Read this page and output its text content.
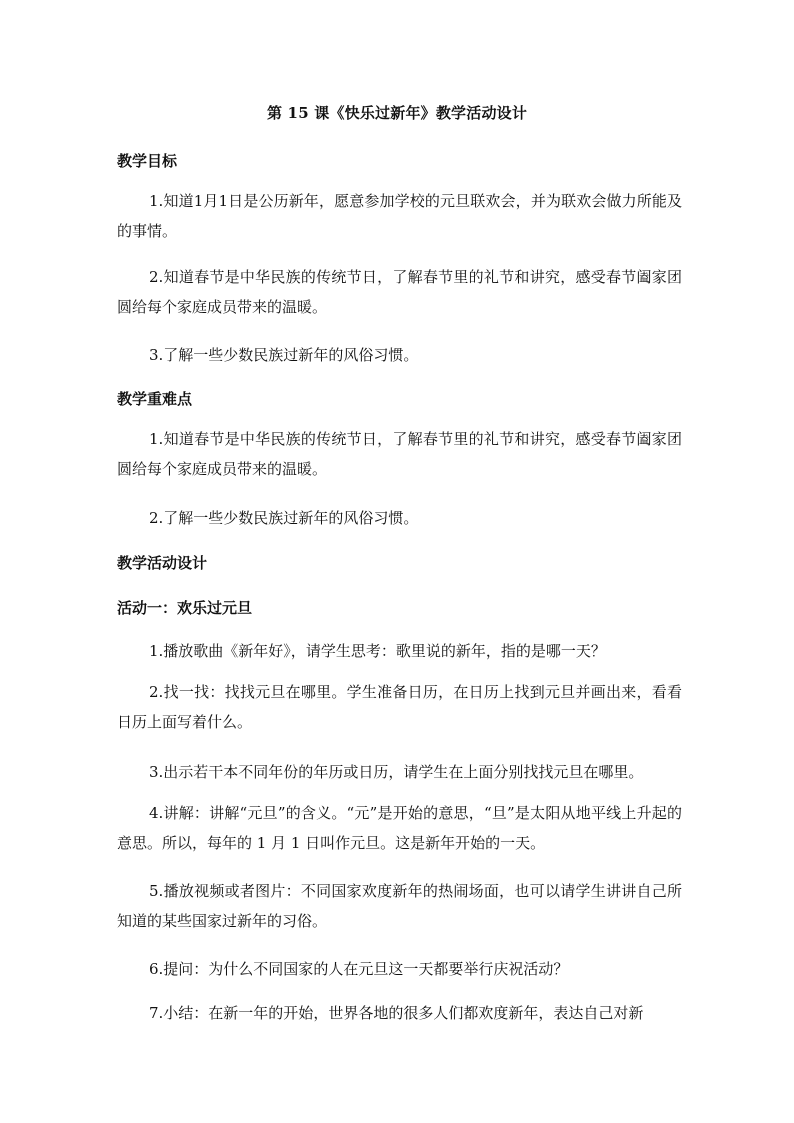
第 15 课《快乐过新年》教学活动设计
教学目标
1.知道1月1日是公历新年，愿意参加学校的元旦联欢会，并为联欢会做力所能及的事情。
2.知道春节是中华民族的传统节日，了解春节里的礼节和讲究，感受春节阖家团圆给每个家庭成员带来的温暖。
3.了解一些少数民族过新年的风俗习惯。
教学重难点
1.知道春节是中华民族的传统节日，了解春节里的礼节和讲究，感受春节阖家团圆给每个家庭成员带来的温暖。
2.了解一些少数民族过新年的风俗习惯。
教学活动设计
活动一：欢乐过元旦
1.播放歌曲《新年好》，请学生思考：歌里说的新年，指的是哪一天？
2.找一找：找找元旦在哪里。学生准备日历，在日历上找到元旦并画出来，看看日历上面写着什么。
3.出示若干本不同年份的年历或日历，请学生在上面分别找找元旦在哪里。
4.讲解：讲解“元旦”的含义。“元”是开始的意思，“旦”是太阳从地平线上升起的意思。所以，每年的 1 月 1 日叫作元旦。这是新年开始的一天。
5.播放视频或者图片：不同国家欢度新年的热闹场面，也可以请学生讲讲自己所知道的某些国家过新年的习俗。
6.提问：为什么不同国家的人在元旦这一天都要举行庆祝活动？
7.小结：在新一年的开始，世界各地的很多人们都欢度新年，表达自己对新
